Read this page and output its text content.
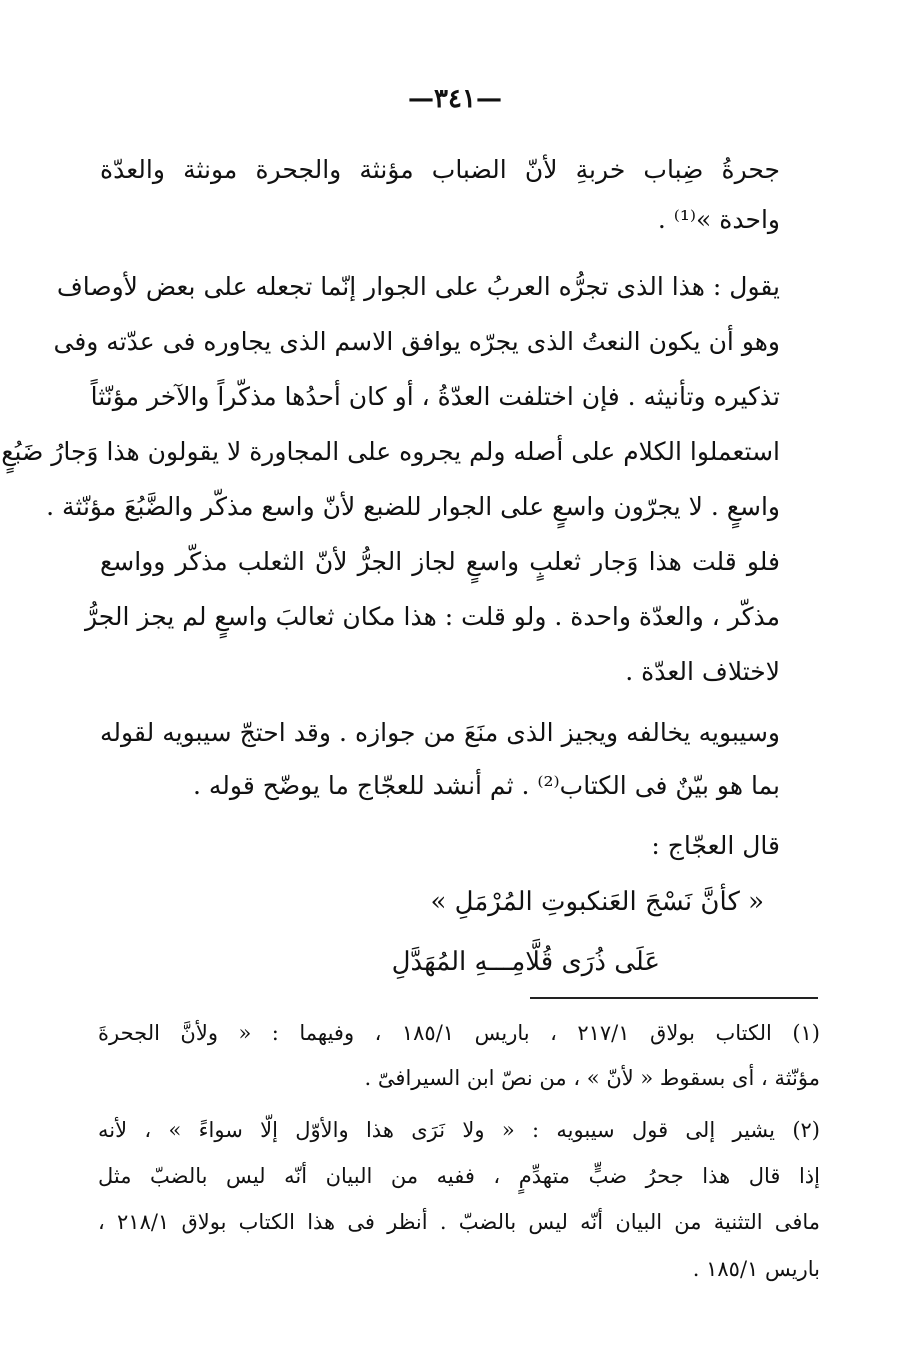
—٣٤١—
جحرةُ ضِباب خربةِ لأنّ الضباب مؤنثة والجحرة مونثة والعدّة
واحدة »⁽¹⁾ .
يقول : هذا الذى تجرُّه العربُ على الجوار إنّما تجعله على بعض لأوصاف
وهو أن يكون النعتُ الذى يجرّه يوافق الاسم الذى يجاوره فى عدّته وفى
تذكيره وتأنيثه . فإن اختلفت العدّةُ ، أو كان أحدُها مذكّراً والآخر مؤنّثاً
استعملوا الكلام على أصله ولم يجروه على المجاورة لا يقولون هذا وَجارُ ضَبُعٍ
واسعٍ . لا يجرّون واسعٍ على الجوار للضبع لأنّ واسع مذكّر والضَّبُعَ مؤنّثة .
فلو قلت هذا وَجار ثعلبٍ واسعٍ لجاز الجرُّ لأنّ الثعلب مذكّر وواسع
مذكّر ، والعدّة واحدة . ولو قلت : هذا مكان ثعالبَ واسعٍ لم يجز الجرُّ
لاختلاف العدّة .
وسيبويه يخالفه ويجيز الذى منَعَ من جوازه . وقد احتجّ سيبويه لقوله
بما هو بيّنٌ فى الكتاب⁽²⁾ . ثم أنشد للعجّاج ما يوضّح قوله .
قال العجّاج :
« كأنَّ نَسْجَ العَنكبوتِ المُرْمَلِ »
عَلَى ذُرَى قُلَّامِـــهِ المُهَدَّلِ
(١) الكتاب بولاق ٢١٧/١ ، باريس ١٨٥/١ ، وفيهما : « ولأنَّ الجحرةَ
مؤنّثة ، أى بسقوط « لأنّ » ، من نصّ ابن السيرافىّ .
(٢) يشير إلى قول سيبويه : « ولا نَرَى هذا والأوّل إلّا سواءً » ، لأنه
إذا قال هذا جحرُ ضبٍّ متهدِّمٍ ، ففيه من البيان أنّه ليس بالضبّ مثل
مافى التثنية من البيان أنّه ليس بالضبّ . أنظر فى هذا الكتاب بولاق ٢١٨/١ ،
باريس ١٨٥/١ .
